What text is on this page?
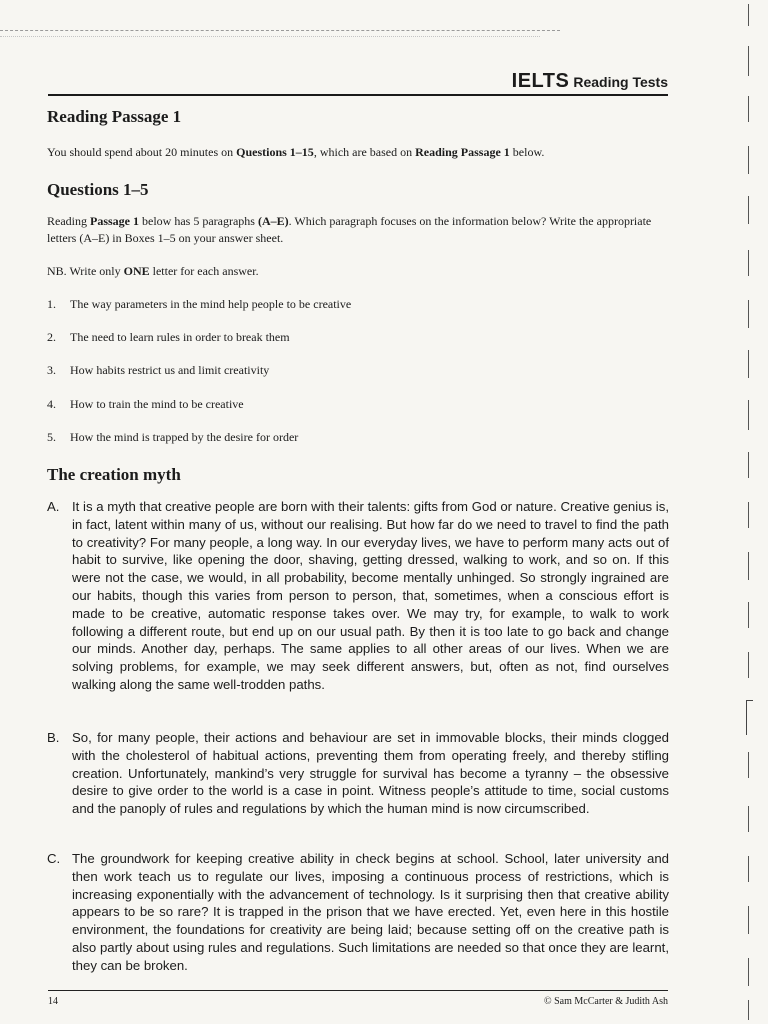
IELTS Reading Tests
Reading Passage 1
You should spend about 20 minutes on Questions 1–15, which are based on Reading Passage 1 below.
Questions 1–5
Reading Passage 1 below has 5 paragraphs (A–E). Which paragraph focuses on the information below? Write the appropriate letters (A–E) in Boxes 1–5 on your answer sheet.
NB. Write only ONE letter for each answer.
1. The way parameters in the mind help people to be creative
2. The need to learn rules in order to break them
3. How habits restrict us and limit creativity
4. How to train the mind to be creative
5. How the mind is trapped by the desire for order
The creation myth
A. It is a myth that creative people are born with their talents: gifts from God or nature. Creative genius is, in fact, latent within many of us, without our realising. But how far do we need to travel to find the path to creativity? For many people, a long way. In our everyday lives, we have to perform many acts out of habit to survive, like opening the door, shaving, getting dressed, walking to work, and so on. If this were not the case, we would, in all probability, become mentally unhinged. So strongly ingrained are our habits, though this varies from person to person, that, sometimes, when a conscious effort is made to be creative, automatic response takes over. We may try, for example, to walk to work following a different route, but end up on our usual path. By then it is too late to go back and change our minds. Another day, perhaps. The same applies to all other areas of our lives. When we are solving problems, for example, we may seek different answers, but, often as not, find ourselves walking along the same well-trodden paths.
B. So, for many people, their actions and behaviour are set in immovable blocks, their minds clogged with the cholesterol of habitual actions, preventing them from operating freely, and thereby stifling creation. Unfortunately, mankind’s very struggle for survival has become a tyranny – the obsessive desire to give order to the world is a case in point. Witness people’s attitude to time, social customs and the panoply of rules and regulations by which the human mind is now circumscribed.
C. The groundwork for keeping creative ability in check begins at school. School, later university and then work teach us to regulate our lives, imposing a continuous process of restrictions, which is increasing exponentially with the advancement of technology. Is it surprising then that creative ability appears to be so rare? It is trapped in the prison that we have erected. Yet, even here in this hostile environment, the foundations for creativity are being laid; because setting off on the creative path is also partly about using rules and regulations. Such limitations are needed so that once they are learnt, they can be broken.
14	© Sam McCarter & Judith Ash
